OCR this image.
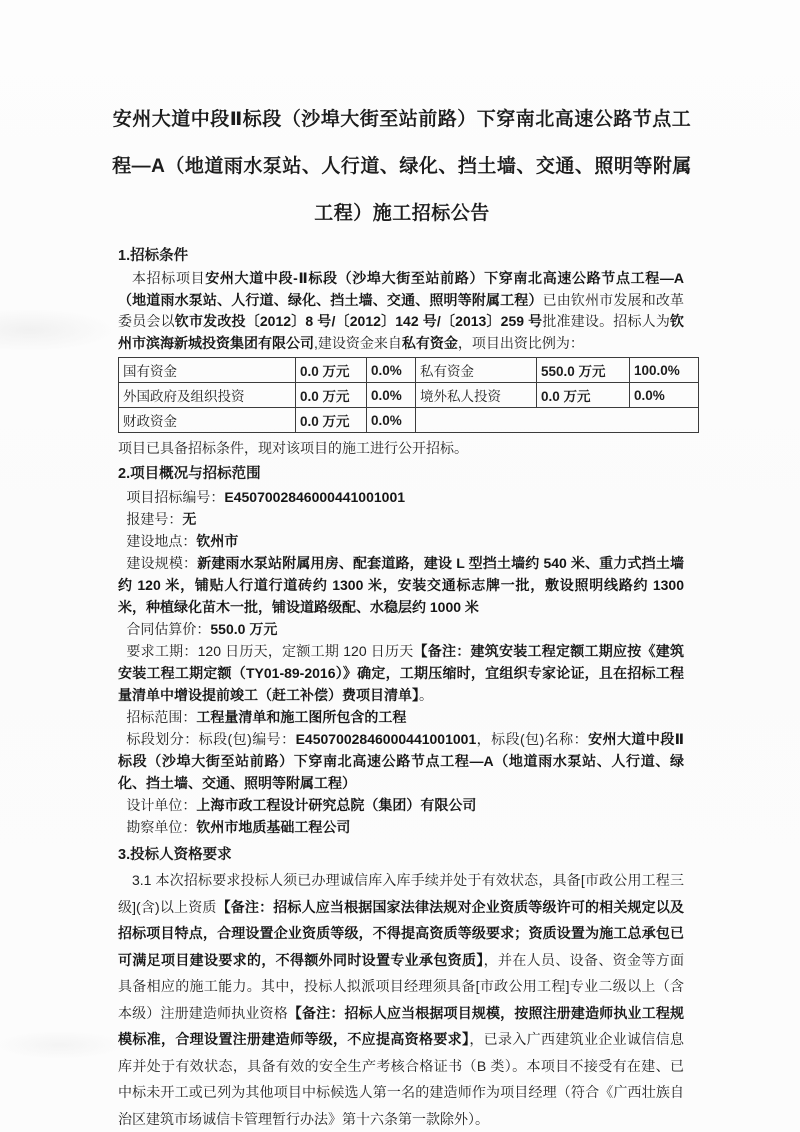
安州大道中段Ⅱ标段（沙埠大街至站前路）下穿南北高速公路节点工
程—A（地道雨水泵站、人行道、绿化、挡土墙、交通、照明等附属
工程）施工招标公告
1.招标条件
本招标项目安州大道中段-Ⅱ标段（沙埠大街至站前路）下穿南北高速公路节点工程—A（地道雨水泵站、人行道、绿化、挡土墙、交通、照明等附属工程）已由钦州市发展和改革委员会以钦市发改投〔2012〕8 号/〔2012〕142 号/〔2013〕259 号批准建设。招标人为钦州市滨海新城投资集团有限公司,建设资金来自私有资金，项目出资比例为：
国有资金	0.0 万元	0.0%	私有资金	550.0 万元	100.0%
外国政府及组织投资	0.0 万元	0.0%	境外私人投资	0.0 万元	0.0%
财政资金	0.0 万元	0.0%			
项目已具备招标条件，现对该项目的施工进行公开招标。
2.项目概况与招标范围
项目招标编号：E4507002846000441001001
报建号：无
建设地点：钦州市
建设规模：新建雨水泵站附属用房、配套道路，建设 L 型挡土墙约 540 米、重力式挡土墙约 120 米，铺贴人行道行道砖约 1300 米，安装交通标志牌一批，敷设照明线路约 1300 米，种植绿化苗木一批，铺设道路级配、水稳层约 1000 米
合同估算价：550.0 万元
要求工期：120 日历天，定额工期 120 日历天【备注：建筑安装工程定额工期应按《建筑安装工程工期定额（TY01-89-2016）》确定，工期压缩时，宜组织专家论证，且在招标工程量清单中增设提前竣工（赶工补偿）费项目清单】。
招标范围：工程量清单和施工图所包含的工程
标段划分：标段(包)编号：E4507002846000441001001，标段(包)名称：安州大道中段Ⅱ标段（沙埠大街至站前路）下穿南北高速公路节点工程—A（地道雨水泵站、人行道、绿化、挡土墙、交通、照明等附属工程）
设计单位：上海市政工程设计研究总院（集团）有限公司
勘察单位：钦州市地质基础工程公司
3.投标人资格要求
3.1 本次招标要求投标人须已办理诚信库入库手续并处于有效状态，具备[市政公用工程三级](含)以上资质【备注：招标人应当根据国家法律法规对企业资质等级许可的相关规定以及招标项目特点，合理设置企业资质等级，不得提高资质等级要求；资质设置为施工总承包已可满足项目建设要求的，不得额外同时设置专业承包资质】，并在人员、设备、资金等方面具备相应的施工能力。其中，投标人拟派项目经理须具备[市政公用工程]专业二级以上（含本级）注册建造师执业资格【备注：招标人应当根据项目规模，按照注册建造师执业工程规模标准，合理设置注册建造师等级，不应提高资格要求】，已录入广西建筑业企业诚信信息库并处于有效状态，具备有效的安全生产考核合格证书（B 类）。本项目不接受有在建、已中标未开工或已列为其他项目中标候选人第一名的建造师作为项目经理（符合《广西壮族自治区建筑市场诚信卡管理暂行办法》第十六条第一款除外）。
